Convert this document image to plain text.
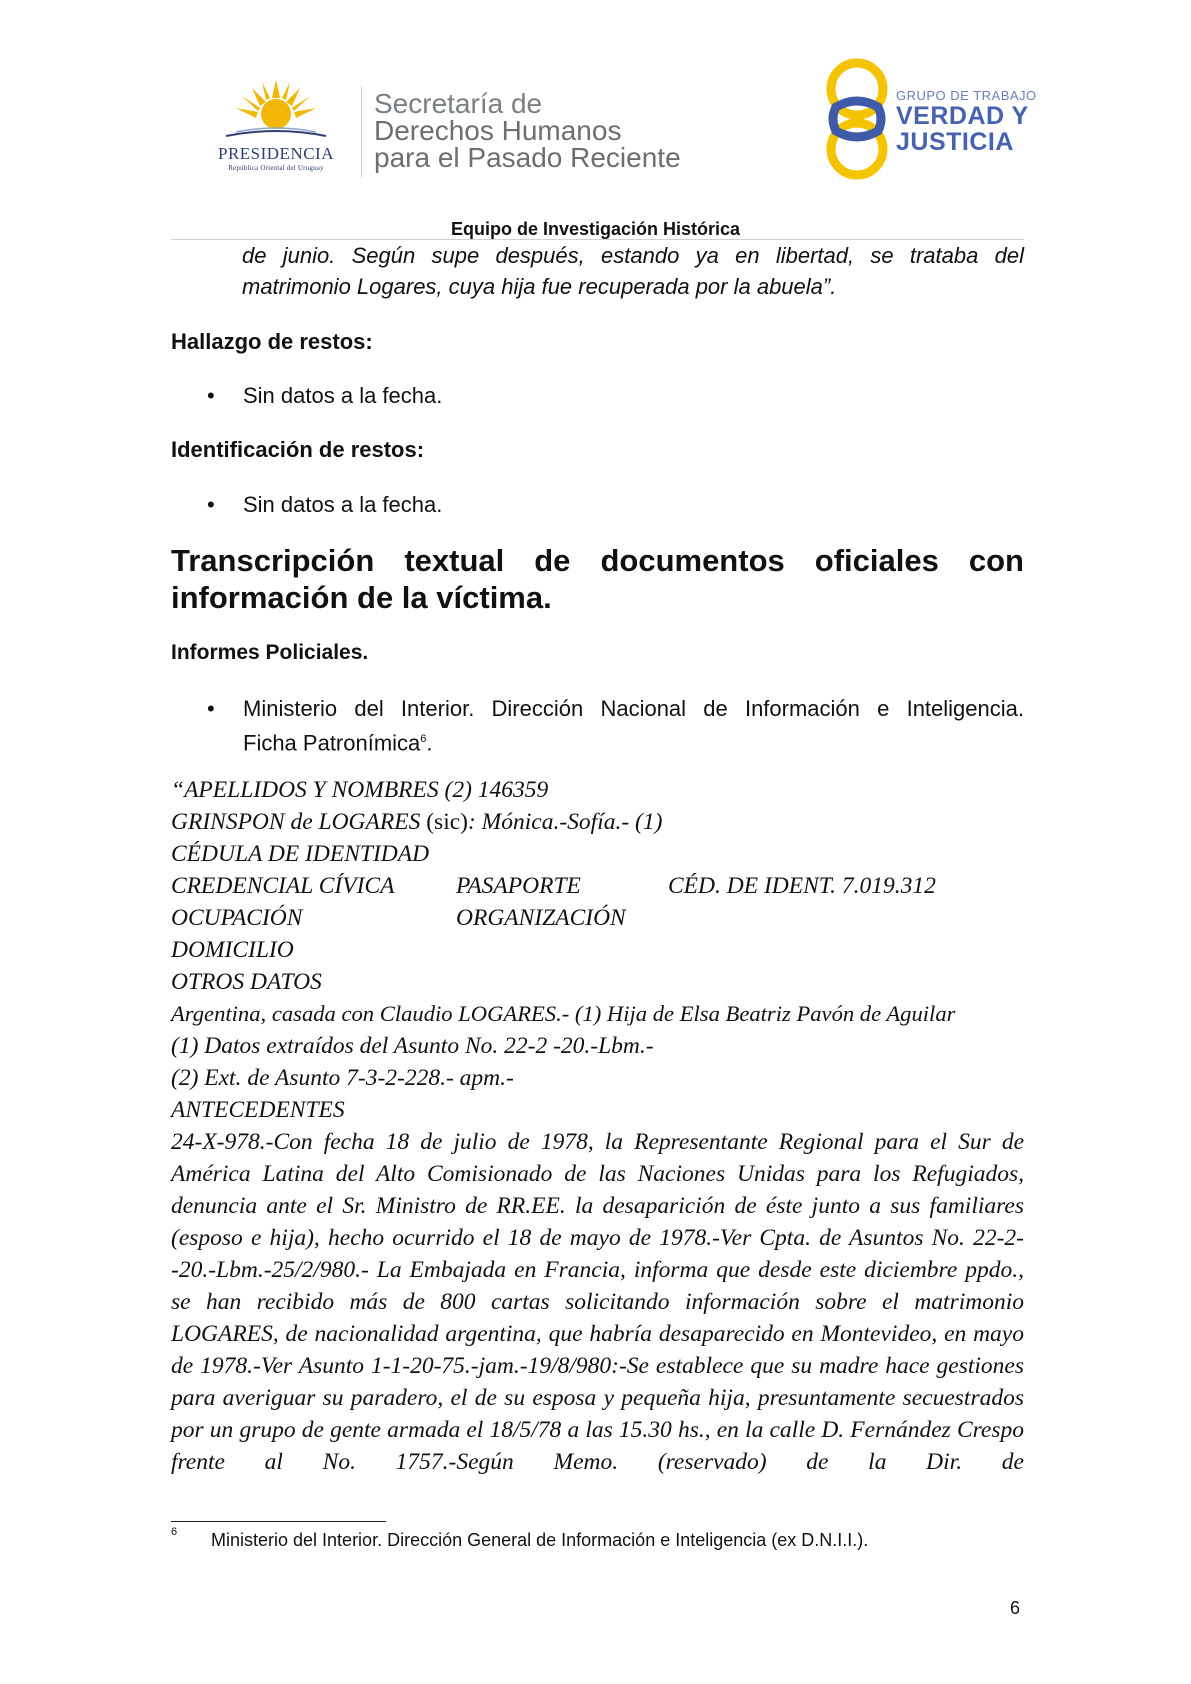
PRESIDENCIA
República Oriental del Uruguay
Secretaría de
Derechos Humanos
para el Pasado Reciente
GRUPO DE TRABAJO
VERDAD Y
JUSTICIA
Equipo de Investigación Histórica
de junio. Según supe después, estando ya en libertad, se trataba del
matrimonio Logares, cuya hija fue recuperada por la abuela”.
Hallazgo de restos:
• Sin datos a la fecha.
Identificación de restos:
• Sin datos a la fecha.
Transcripción textual de documentos oficiales con
información de la víctima.
Informes Policiales.
• Ministerio del Interior. Dirección Nacional de Información e Inteligencia.
Ficha Patronímica$^6$.
“APELLIDOS Y NOMBRES (2) 146359
GRINSPON de LOGARES (sic): Mónica.-Sofía.- (1)
CÉDULA DE IDENTIDAD
CREDENCIAL CÍVICA	PASAPORTE	CÉD. DE IDENT. 7.019.312
OCUPACIÓN	ORGANIZACIÓN
DOMICILIO
OTROS DATOS
Argentina, casada con Claudio LOGARES.- (1) Hija de Elsa Beatriz Pavón de Aguilar
(1) Datos extraídos del Asunto No. 22-2 -20.-Lbm.-
(2) Ext. de Asunto 7-3-2-228.- apm.-
ANTECEDENTES
24-X-978.-Con fecha 18 de julio de 1978, la Representante Regional para el Sur de América Latina del Alto Comisionado de las Naciones Unidas para los Refugiados, denuncia ante el Sr. Ministro de RR.EE. la desaparición de éste junto a sus familiares (esposo e hija), hecho ocurrido el 18 de mayo de 1978.-Ver Cpta. de Asuntos No. 22-2--20.-Lbm.-25/2/980.- La Embajada en Francia, informa que desde este diciembre ppdo., se han recibido más de 800 cartas solicitando información sobre el matrimonio LOGARES, de nacionalidad argentina, que habría desaparecido en Montevideo, en mayo de 1978.-Ver Asunto 1-1-20-75.-jam.-19/8/980:-Se establece que su madre hace gestiones para averiguar su paradero, el de su esposa y pequeña hija, presuntamente secuestrados por un grupo de gente armada el 18/5/78 a las 15.30 hs., en la calle D. Fernández Crespo frente al No. 1757.-Según Memo. (reservado) de la Dir. de
6 Ministerio del Interior. Dirección General de Información e Inteligencia (ex D.N.I.I.).
6
